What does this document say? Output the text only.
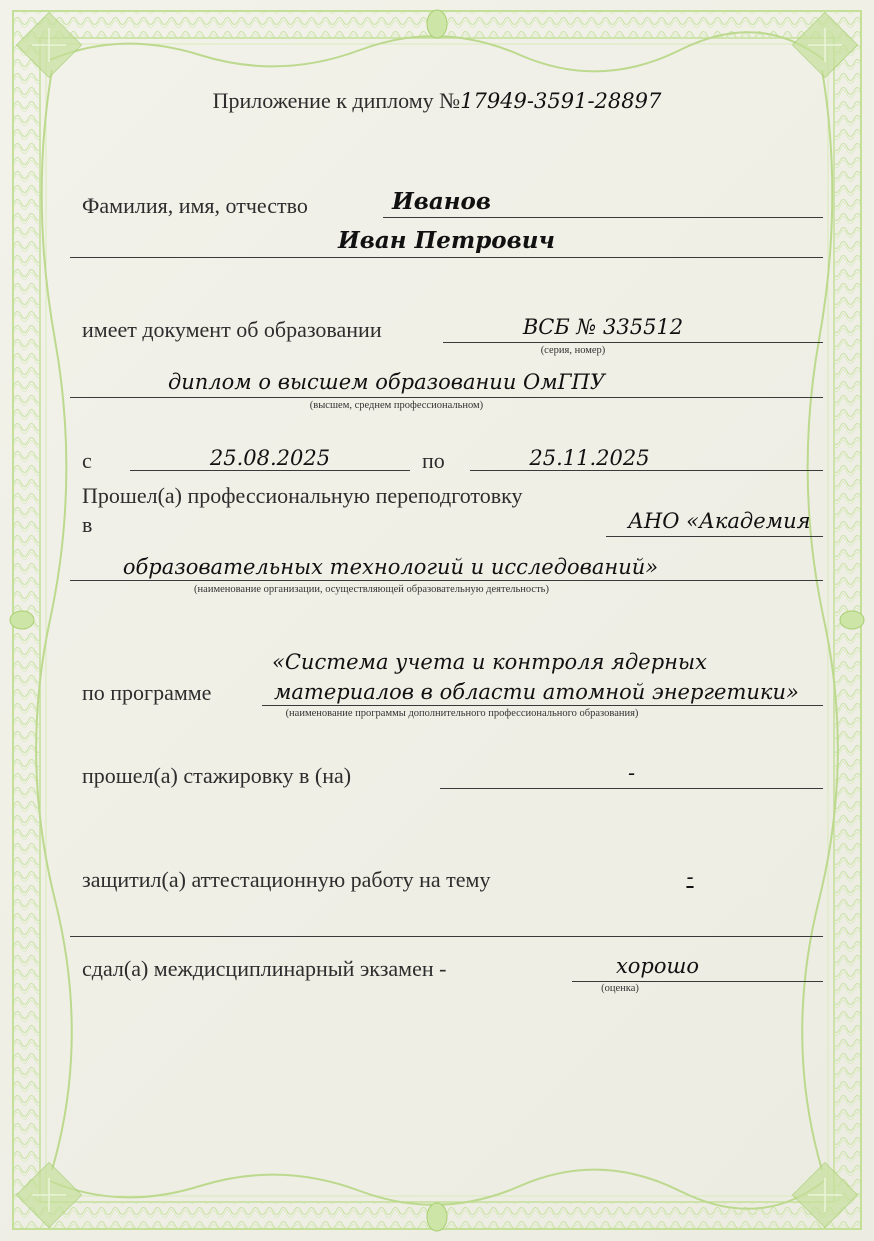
Приложение к диплому №17949-3591-28897
Фамилия, имя, отчество	Иванов
Иван Петрович
имеет документ об образовании	ВСБ № 335512
(серия, номер)
диплом о высшем образовании ОмГПУ
(высшем, среднем профессиональном)
с	25.08.2025	по	25.11.2025
Прошел(а) профессиональную переподготовку
в	АНО «Академия
образовательных технологий и исследований»
(наименование организации, осуществляющей образовательную деятельность)
«Система учета и контроля ядерных
по программе	материалов в области атомной энергетики»
(наименование программы дополнительного профессионального образования)
прошел(а) стажировку в (на)	-
защитил(а) аттестационную работу на тему	-
сдал(а) междисциплинарный экзамен -	хорошо
(оценка)
